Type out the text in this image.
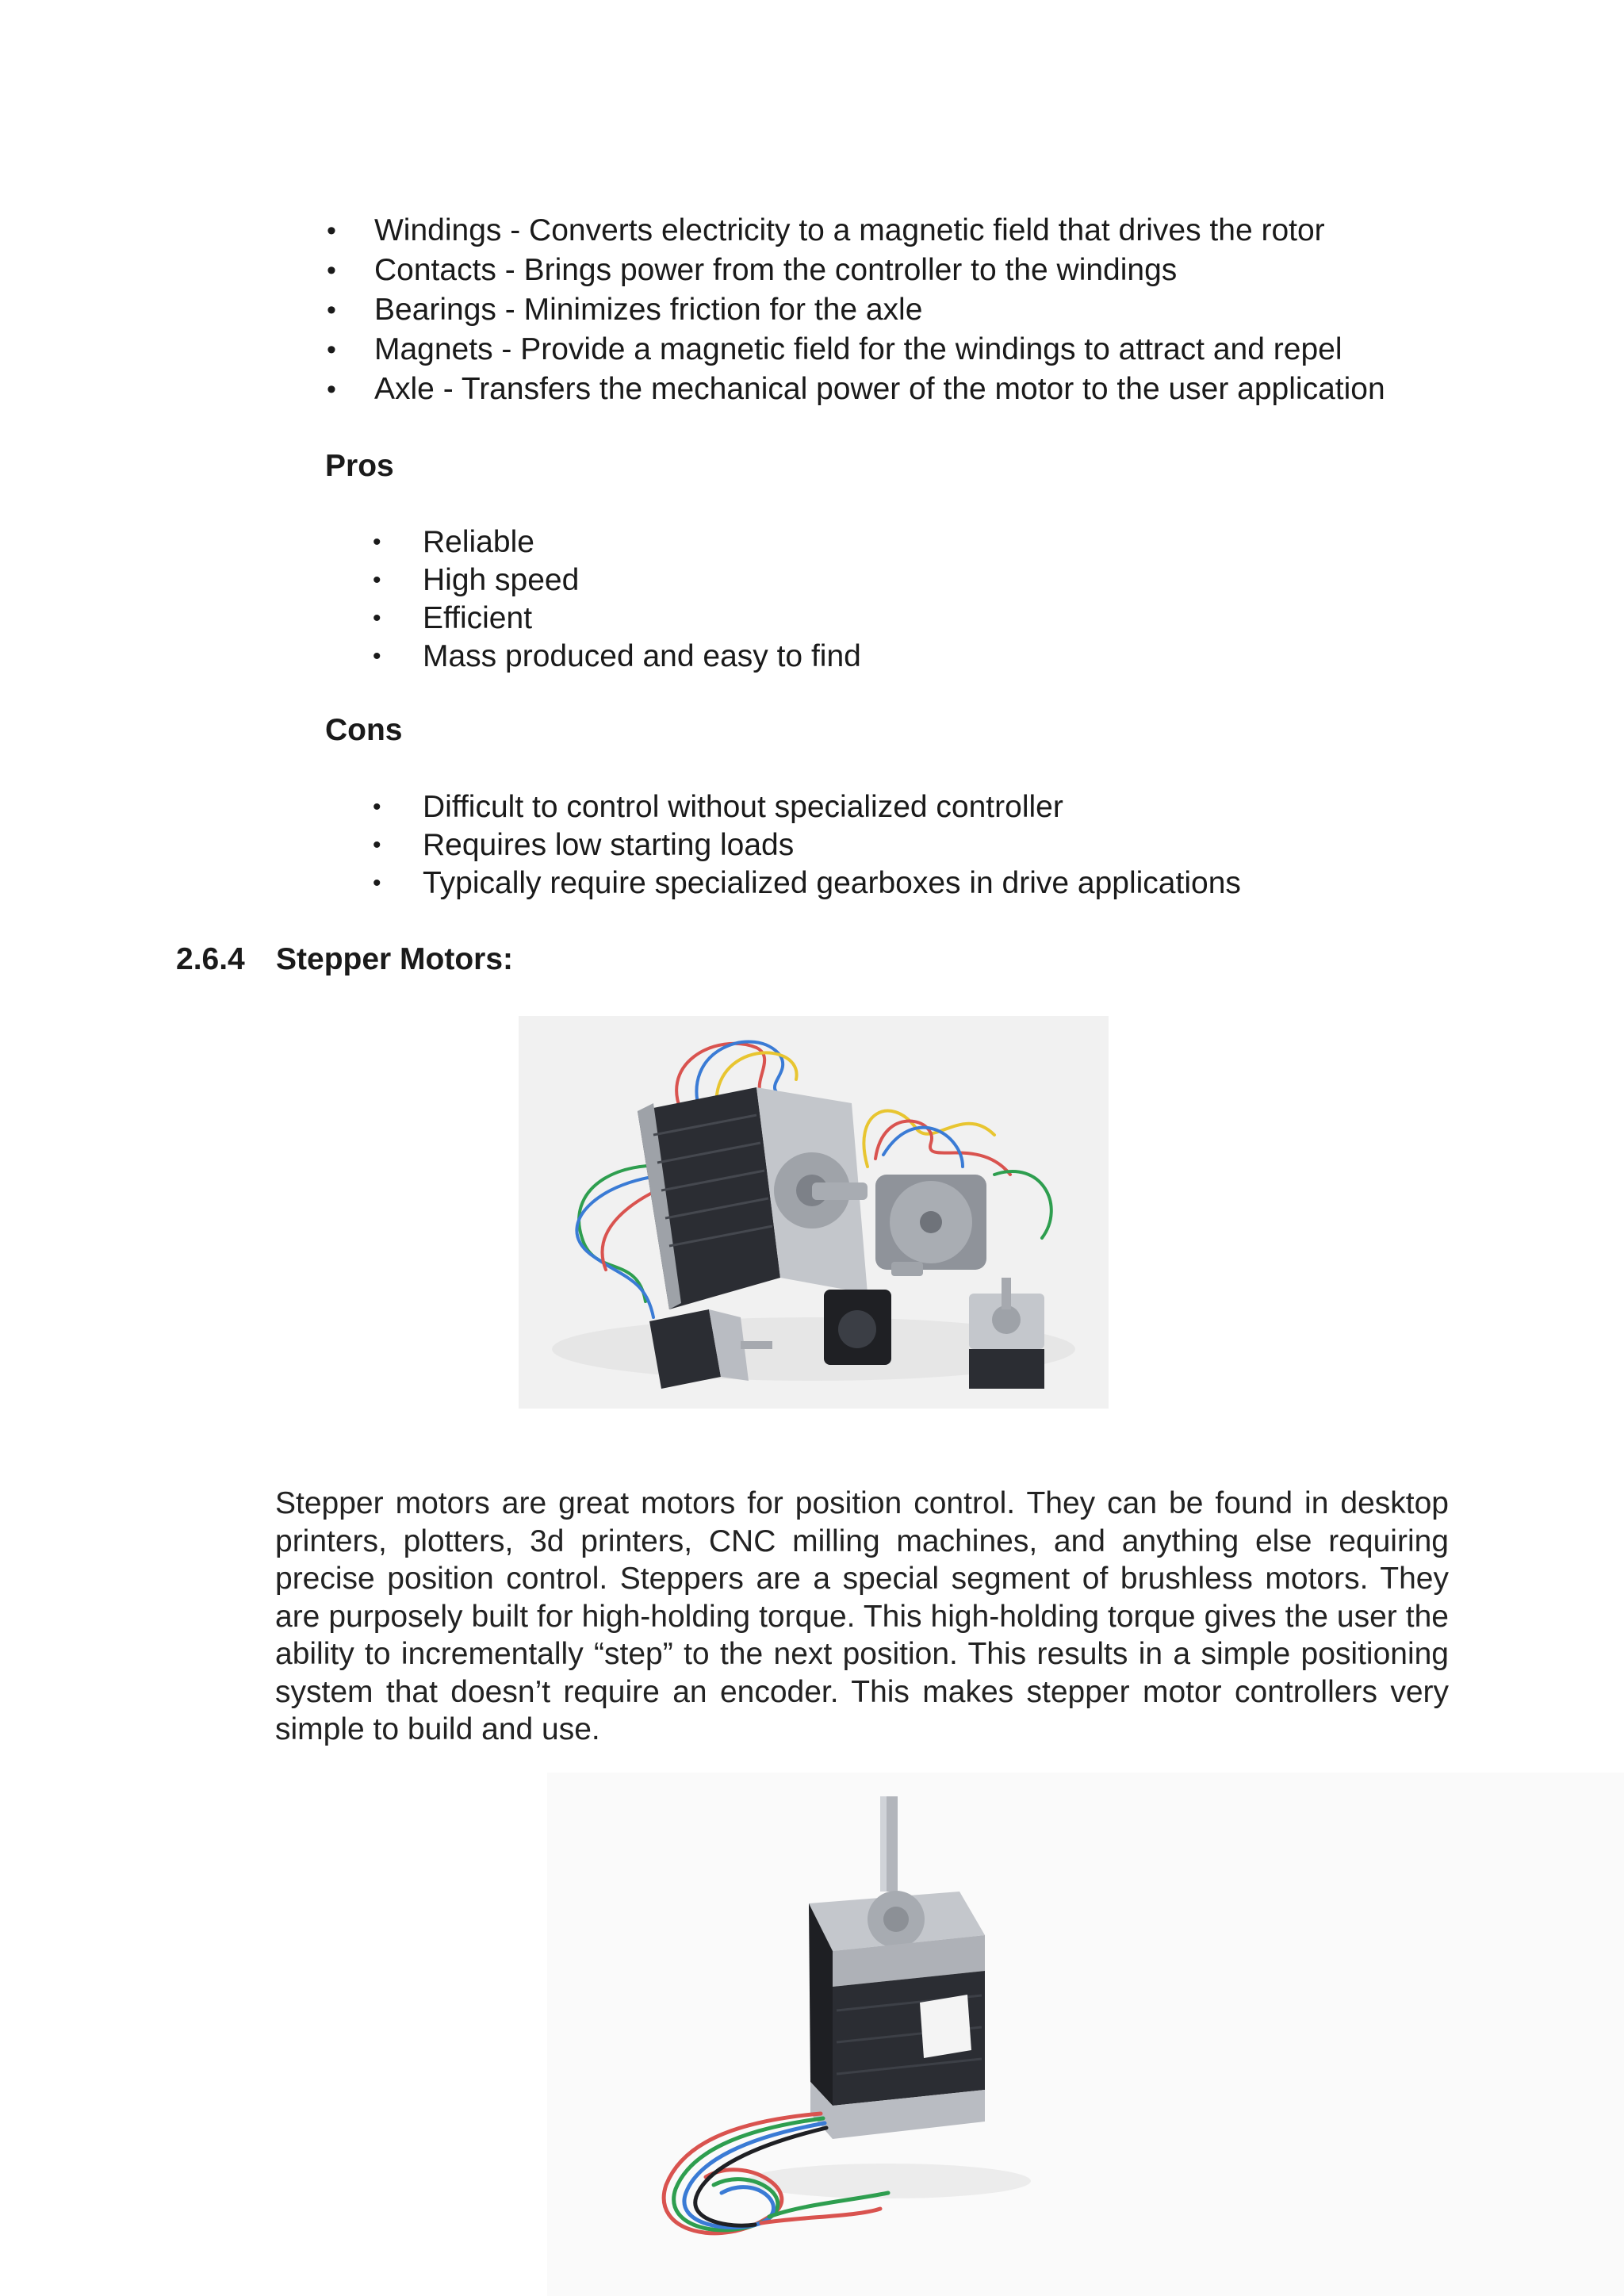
• Windings - Converts electricity to a magnetic field that drives the rotor
• Contacts - Brings power from the controller to the windings
• Bearings - Minimizes friction for the axle
• Magnets - Provide a magnetic field for the windings to attract and repel
• Axle - Transfers the mechanical power of the motor to the user application
Pros
• Reliable
• High speed
• Efficient
• Mass produced and easy to find
Cons
• Difficult to control without specialized controller
• Requires low starting loads
• Typically require specialized gearboxes in drive applications
2.6.4 Stepper Motors:

Stepper motors are great motors for position control. They can be found in desktop printers, plotters, 3d printers, CNC milling machines, and anything else requiring precise position control. Steppers are a special segment of brushless motors. They are purposely built for high-holding torque. This high-holding torque gives the user the ability to incrementally “step” to the next position. This results in a simple positioning system that doesn’t require an encoder. This makes stepper motor controllers very simple to build and use.
